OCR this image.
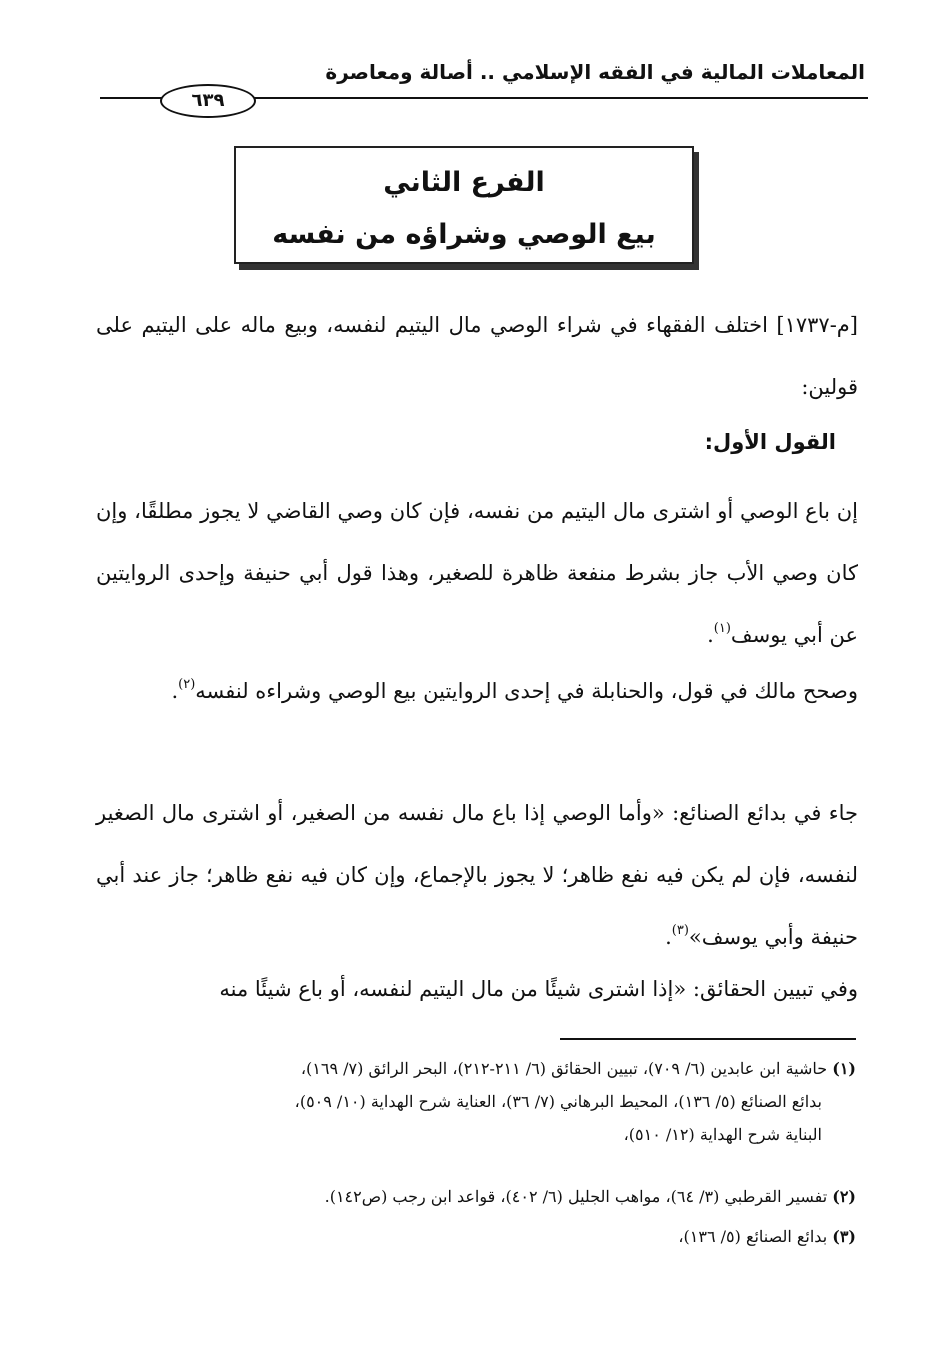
المعاملات المالية في الفقه الإسلامي .. أصالة ومعاصرة
٦٣٩
الفرع الثاني
بيع الوصي وشراؤه من نفسه
[م-١٧٣٧] اختلف الفقهاء في شراء الوصي مال اليتيم لنفسه، وبيع ماله على اليتيم على قولين:
القول الأول:
إن باع الوصي أو اشترى مال اليتيم من نفسه، فإن كان وصي القاضي لا يجوز مطلقًا، وإن كان وصي الأب جاز بشرط منفعة ظاهرة للصغير، وهذا قول أبي حنيفة وإحدى الروايتين عن أبي يوسف$^{(١)}$.
وصحح مالك في قول، والحنابلة في إحدى الروايتين بيع الوصي وشراءه لنفسه$^{(٢)}$.
جاء في بدائع الصنائع: «وأما الوصي إذا باع مال نفسه من الصغير، أو اشترى مال الصغير لنفسه، فإن لم يكن فيه نفع ظاهر؛ لا يجوز بالإجماع، وإن كان فيه نفع ظاهر؛ جاز عند أبي حنيفة وأبي يوسف»$^{(٣)}$.
وفي تبيين الحقائق: «إذا اشترى شيئًا من مال اليتيم لنفسه، أو باع شيئًا منه
(١) حاشية ابن عابدين (٦/ ٧٠٩)، تبيين الحقائق (٦/ ٢١١-٢١٢)، البحر الرائق (٧/ ١٦٩)،
بدائع الصنائع (٥/ ١٣٦)، المحيط البرهاني (٧/ ٣٦)، العناية شرح الهداية (١٠/ ٥٠٩)،
البناية شرح الهداية (١٢/ ٥١٠)،
(٢) تفسير القرطبي (٣/ ٦٤)، مواهب الجليل (٦/ ٤٠٢)، قواعد ابن رجب (ص١٤٢).
(٣) بدائع الصنائع (٥/ ١٣٦)،
